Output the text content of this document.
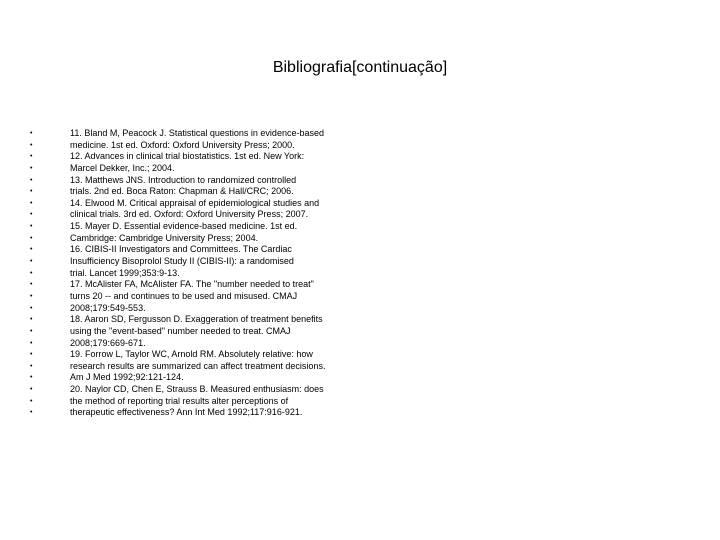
Bibliografia[continuação]
•	11. Bland M, Peacock J. Statistical questions in evidence-based
•	medicine. 1st ed. Oxford: Oxford University Press; 2000.
•	12. Advances in clinical trial biostatistics. 1st ed. New York:
•	Marcel Dekker, Inc.; 2004.
•	13. Matthews JNS. Introduction to randomized controlled
•	trials. 2nd ed. Boca Raton: Chapman & Hall/CRC; 2006.
•	14. Elwood M. Critical appraisal of epidemiological studies and
•	clinical trials. 3rd ed. Oxford: Oxford University Press; 2007.
•	15. Mayer D. Essential evidence-based medicine. 1st ed.
•	Cambridge: Cambridge University Press; 2004.
•	16. CIBIS-II Investigators and Committees. The Cardiac
•	Insufficiency Bisoprolol Study II (CIBIS-II): a randomised
•	trial. Lancet 1999;353:9-13.
•	17. McAlister FA, McAlister FA. The "number needed to treat"
•	turns 20 -- and continues to be used and misused. CMAJ
•	2008;179:549-553.
•	18. Aaron SD, Fergusson D. Exaggeration of treatment benefits
•	using the "event-based" number needed to treat. CMAJ
•	2008;179:669-671.
•	19. Forrow L, Taylor WC, Arnold RM. Absolutely relative: how
•	research results are summarized can affect treatment decisions.
•	Am J Med 1992;92:121-124.
•	20. Naylor CD, Chen E, Strauss B. Measured enthusiasm: does
•	the method of reporting trial results alter perceptions of
•	therapeutic effectiveness? Ann Int Med 1992;117:916-921.
